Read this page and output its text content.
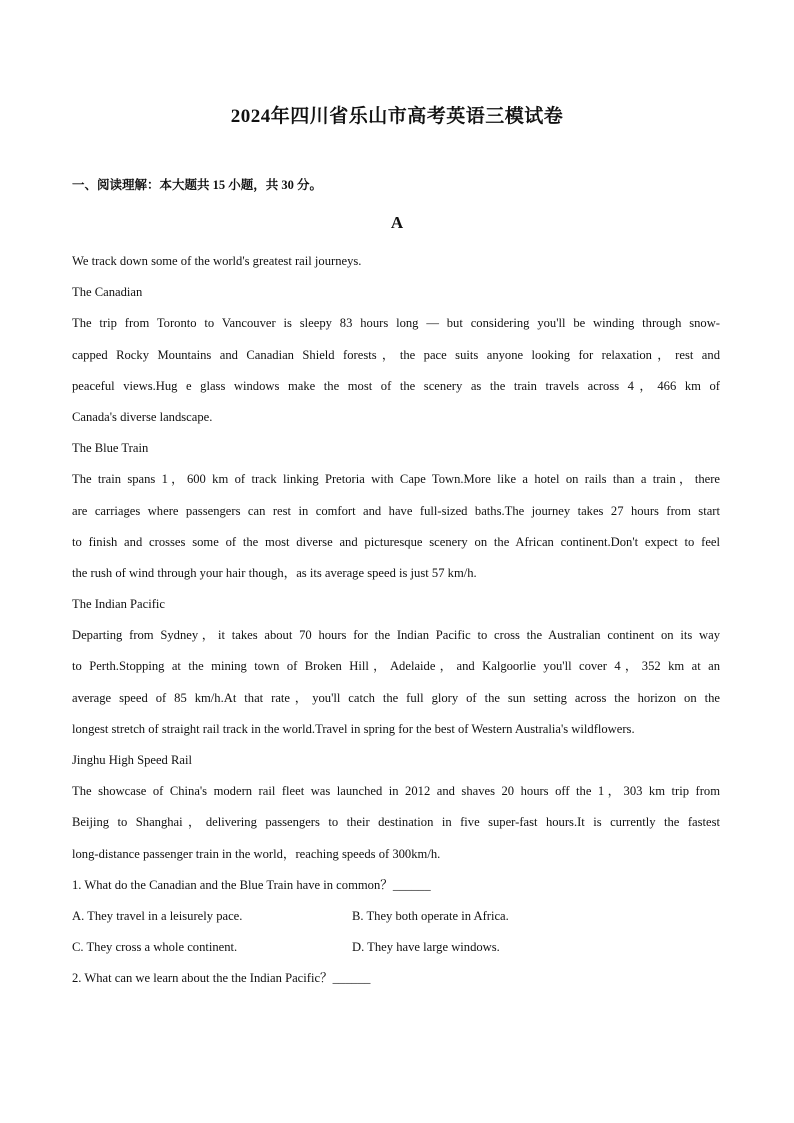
2024年四川省乐山市高考英语三模试卷
一、阅读理解：本大题共 15 小题，共 30 分。
A
We track down some of the world's greatest rail journeys.
The Canadian
The trip from Toronto to Vancouver is sleepy 83 hours long — but considering you'll be winding through snow-
capped Rocky Mountains and Canadian Shield forests，the pace suits anyone looking for relaxation，rest and
peaceful views.Hug e glass windows make the most of the scenery as the train travels across 4，466 km of
Canada's diverse landscape.
The Blue Train
The train spans 1，600 km of track linking Pretoria with Cape Town.More like a hotel on rails than a train，there
are carriages where passengers can rest in comfort and have full-sized baths.The journey takes 27 hours from start
to finish and crosses some of the most diverse and picturesque scenery on the African continent.Don't expect to feel
the rush of wind through your hair though，as its average speed is just 57 km/h.
The Indian Pacific
Departing from Sydney，it takes about 70 hours for the Indian Pacific to cross the Australian continent on its way
to Perth.Stopping at the mining town of Broken Hill，Adelaide，and Kalgoorlie you'll cover 4，352 km at an
average speed of 85 km/h.At that rate，you'll catch the full glory of the sun setting across the horizon on the
longest stretch of straight rail track in the world.Travel in spring for the best of Western Australia's wildflowers.
Jinghu High Speed Rail
The showcase of China's modern rail fleet was launched in 2012 and shaves 20 hours off the 1，303 km trip from
Beijing to Shanghai，delivering passengers to their destination in five super-fast hours.It is currently the fastest
long-distance passenger train in the world，reaching speeds of 300km/h.
1. What do the Canadian and the Blue Train have in common？______
A. They travel in a leisurely pace.	B. They both operate in Africa.
C. They cross a whole continent.	D. They have large windows.
2. What can we learn about the the Indian Pacific？______
